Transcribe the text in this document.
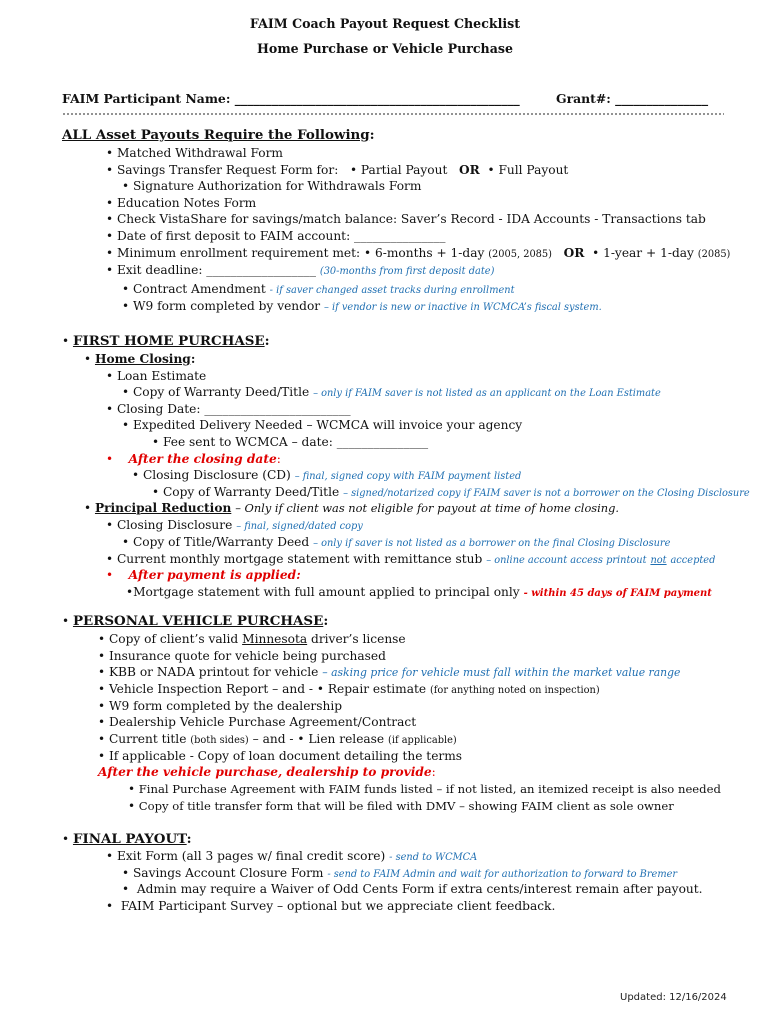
FAIM Coach Payout Request Checklist
Home Purchase or Vehicle Purchase
FAIM Participant Name: ______________________________________________	Grant#: _______________
ALL Asset Payouts Require the Following:
• Matched Withdrawal Form
• Savings Transfer Request Form for: • Partial Payout OR • Full Payout
• Signature Authorization for Withdrawals Form
• Education Notes Form
• Check VistaShare for savings/match balance: Saver’s Record - IDA Accounts - Transactions tab
• Date of first deposit to FAIM account: _______________
• Minimum enrollment requirement met: • 6-months + 1-day (2005, 2085) OR • 1-year + 1-day (2085)
• Exit deadline: __________________ (30-months from first deposit date)
• Contract Amendment - if saver changed asset tracks during enrollment
• W9 form completed by vendor – if vendor is new or inactive in WCMCA’s fiscal system.
• FIRST HOME PURCHASE:
• Home Closing:
• Loan Estimate
• Copy of Warranty Deed/Title – only if FAIM saver is not listed as an applicant on the Loan Estimate
• Closing Date: ________________________
• Expedited Delivery Needed – WCMCA will invoice your agency
• Fee sent to WCMCA – date: _______________
• After the closing date:
• Closing Disclosure (CD) – final, signed copy with FAIM payment listed
• Copy of Warranty Deed/Title – signed/notarized copy if FAIM saver is not a borrower on the Closing Disclosure
• Principal Reduction – Only if client was not eligible for payout at time of home closing.
• Closing Disclosure – final, signed/dated copy
• Copy of Title/Warranty Deed – only if saver is not listed as a borrower on the final Closing Disclosure
• Current monthly mortgage statement with remittance stub – online account access printout not accepted
• After payment is applied:
•Mortgage statement with full amount applied to principal only - within 45 days of FAIM payment
• PERSONAL VEHICLE PURCHASE:
• Copy of client’s valid Minnesota driver’s license
• Insurance quote for vehicle being purchased
• KBB or NADA printout for vehicle – asking price for vehicle must fall within the market value range
• Vehicle Inspection Report – and - • Repair estimate (for anything noted on inspection)
• W9 form completed by the dealership
• Dealership Vehicle Purchase Agreement/Contract
• Current title (both sides) – and - • Lien release (if applicable)
• If applicable - Copy of loan document detailing the terms
After the vehicle purchase, dealership to provide:
• Final Purchase Agreement with FAIM funds listed – if not listed, an itemized receipt is also needed
• Copy of title transfer form that will be filed with DMV – showing FAIM client as sole owner
• FINAL PAYOUT:
• Exit Form (all 3 pages w/ final credit score) - send to WCMCA
• Savings Account Closure Form - send to FAIM Admin and wait for authorization to forward to Bremer
• Admin may require a Waiver of Odd Cents Form if extra cents/interest remain after payout.
• FAIM Participant Survey – optional but we appreciate client feedback.
Updated: 12/16/2024
